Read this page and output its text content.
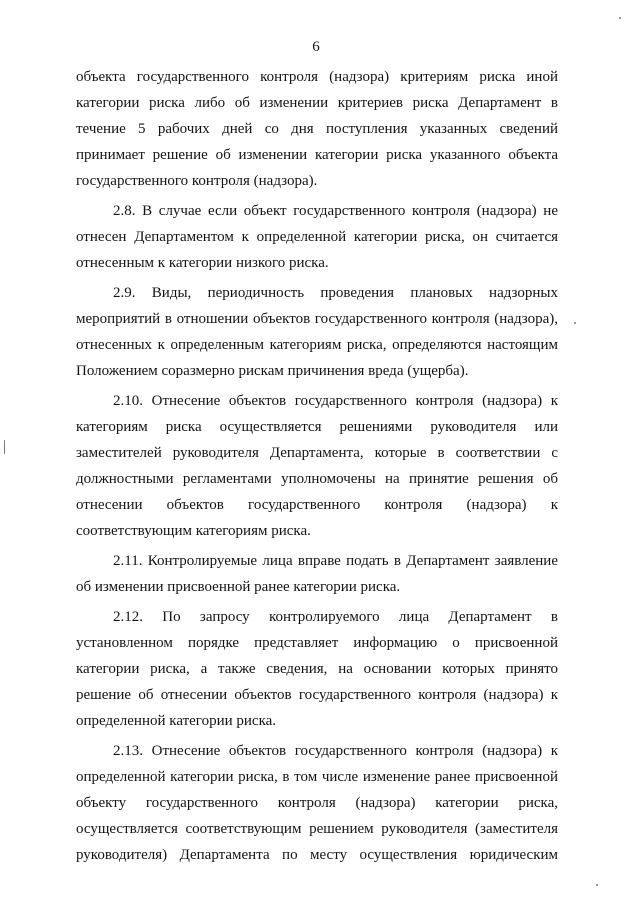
6

объекта государственного контроля (надзора) критериям риска иной категории риска либо об изменении критериев риска Департамент в течение 5 рабочих дней со дня поступления указанных сведений принимает решение об изменении категории риска указанного объекта государственного контроля (надзора).

2.8. В случае если объект государственного контроля (надзора) не отнесен Департаментом к определенной категории риска, он считается отнесенным к категории низкого риска.

2.9. Виды, периодичность проведения плановых надзорных мероприятий в отношении объектов государственного контроля (надзора), отнесенных к определенным категориям риска, определяются настоящим Положением соразмерно рискам причинения вреда (ущерба).

2.10. Отнесение объектов государственного контроля (надзора) к категориям риска осуществляется решениями руководителя или заместителей руководителя Департамента, которые в соответствии с должностными регламентами уполномочены на принятие решения об отнесении объектов государственного контроля (надзора) к соответствующим категориям риска.

2.11. Контролируемые лица вправе подать в Департамент заявление об изменении присвоенной ранее категории риска.

2.12. По запросу контролируемого лица Департамент в установленном порядке представляет информацию о присвоенной категории риска, а также сведения, на основании которых принято решение об отнесении объектов государственного контроля (надзора) к определенной категории риска.

2.13. Отнесение объектов государственного контроля (надзора) к определенной категории риска, в том числе изменение ранее присвоенной объекту государственного контроля (надзора) категории риска, осуществляется соответствующим решением руководителя (заместителя руководителя) Департамента по месту осуществления юридическим
